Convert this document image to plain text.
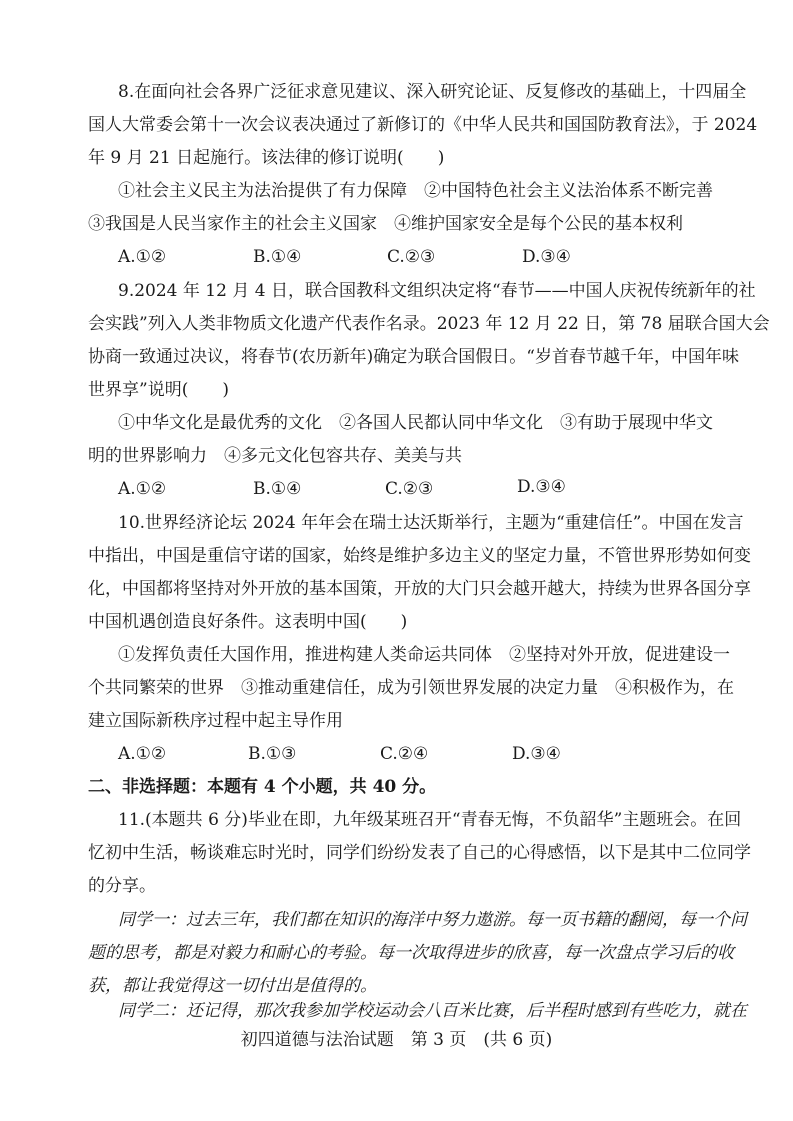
8.在面向社会各界广泛征求意见建议、深入研究论证、反复修改的基础上，十四届全
国人大常委会第十一次会议表决通过了新修订的《中华人民共和国国防教育法》，于 2024
年 9 月 21 日起施行。该法律的修订说明(　　)
①社会主义民主为法治提供了有力保障　②中国特色社会主义法治体系不断完善
③我国是人民当家作主的社会主义国家　④维护国家安全是每个公民的基本权利
A.①②	B.①④	C.②③	D.③④
9.2024 年 12 月 4 日，联合国教科文组织决定将“春节——中国人庆祝传统新年的社
会实践”列入人类非物质文化遗产代表作名录。2023 年 12 月 22 日，第 78 届联合国大会
协商一致通过决议，将春节(农历新年)确定为联合国假日。“岁首春节越千年，中国年味
世界享”说明(　　)
①中华文化是最优秀的文化　②各国人民都认同中华文化　③有助于展现中华文
明的世界影响力　④多元文化包容共存、美美与共
A.①②	B.①④	C.②③	D.③④
10.世界经济论坛 2024 年年会在瑞士达沃斯举行，主题为“重建信任”。中国在发言
中指出，中国是重信守诺的国家，始终是维护多边主义的坚定力量，不管世界形势如何变
化，中国都将坚持对外开放的基本国策，开放的大门只会越开越大，持续为世界各国分享
中国机遇创造良好条件。这表明中国(　　)
①发挥负责任大国作用，推进构建人类命运共同体　②坚持对外开放，促进建设一
个共同繁荣的世界　③推动重建信任，成为引领世界发展的决定力量　④积极作为，在
建立国际新秩序过程中起主导作用
A.①②	B.①③	C.②④	D.③④
二、非选择题：本题有 4 个小题，共 40 分。
11.(本题共 6 分)毕业在即，九年级某班召开“青春无悔，不负韶华”主题班会。在回
忆初中生活，畅谈难忘时光时，同学们纷纷发表了自己的心得感悟，以下是其中二位同学
的分享。
同学一：过去三年，我们都在知识的海洋中努力遨游。每一页书籍的翻阅，每一个问
题的思考，都是对毅力和耐心的考验。每一次取得进步的欣喜，每一次盘点学习后的收
获，都让我觉得这一切付出是值得的。
同学二：还记得，那次我参加学校运动会八百米比赛，后半程时感到有些吃力，就在
初四道德与法治试题　第 3 页　(共 6 页)
